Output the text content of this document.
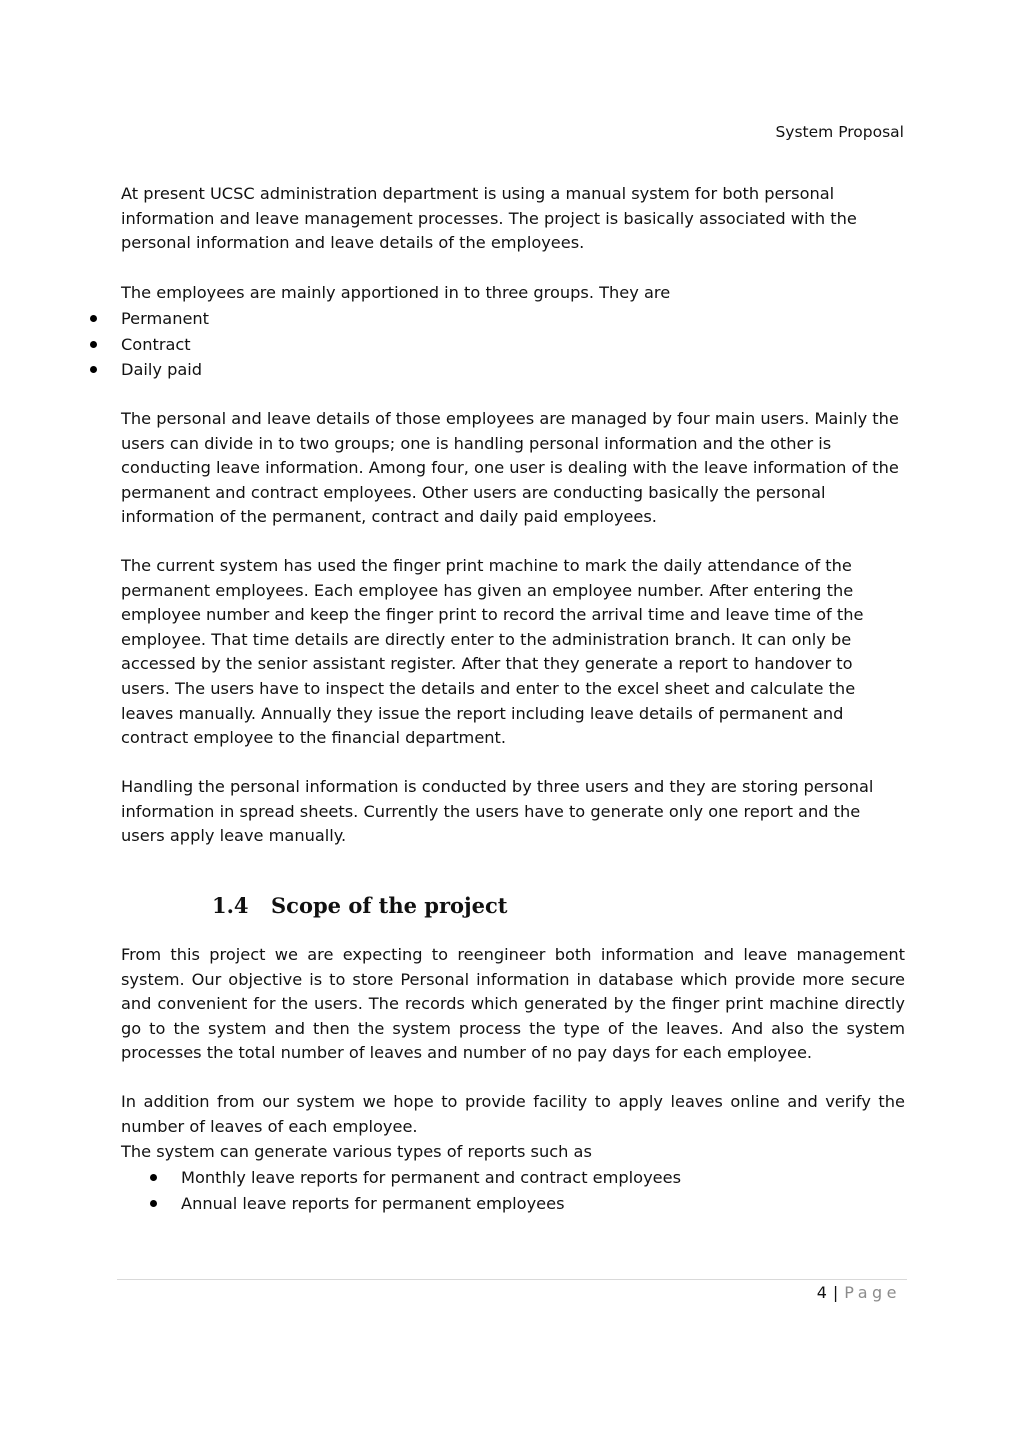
System Proposal

At present UCSC administration department is using a manual system for both personal information and leave management processes. The project is basically associated with the personal information and leave details of the employees.

The employees are mainly apportioned in to three groups. They are

Permanent
Contract
Daily paid

The personal and leave details of those employees are managed by four main users. Mainly the users can divide in to two groups; one is handling personal information and the other is conducting leave information. Among four, one user is dealing with the leave information of the permanent and contract employees. Other users are conducting basically the personal information of the permanent, contract and daily paid employees.

The current system has used the finger print machine to mark the daily attendance of the permanent employees. Each employee has given an employee number. After entering the employee number and keep the finger print to record the arrival time and leave time of the employee. That time details are directly enter to the administration branch. It can only be accessed by the senior assistant register. After that they generate a report to handover to users. The users have to inspect the details and enter to the excel sheet and calculate the leaves manually. Annually they issue the report including leave details of permanent and contract employee to the financial department.

Handling the personal information is conducted by three users and they are storing personal information in spread sheets. Currently the users have to generate only one report and the users apply leave manually.

1.4 Scope of the project

From this project we are expecting to reengineer both information and leave management system. Our objective is to store Personal information in database which provide more secure and convenient for the users. The records which generated by the finger print machine directly go to the system and then the system process the type of the leaves. And also the system processes the total number of leaves and number of no pay days for each employee.

In addition from our system we hope to provide facility to apply leaves online and verify the number of leaves of each employee.

The system can generate various types of reports such as

Monthly leave reports for permanent and contract employees
Annual leave reports for permanent employees
4 | Page
